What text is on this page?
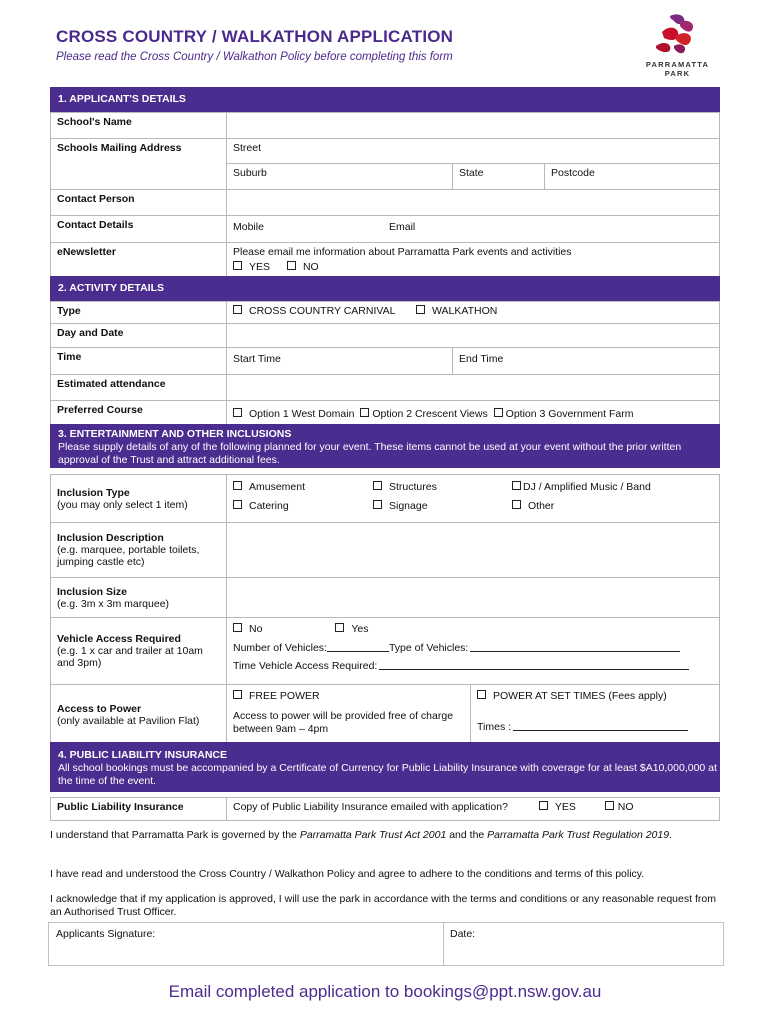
CROSS COUNTRY / WALKATHON APPLICATION
Please read the Cross Country / Walkathon Policy before completing this form
PARRAMATTA
PARK
1. APPLICANT'S DETAILS
School's Name	
Schools Mailing Address	Street
Suburb	State	Postcode
Contact Person	
Contact Details		Mobile	Email

eNewsletter	Please email me information about Parramatta Park events and activities
YES	NO
2. ACTIVITY DETAILS
Type	CROSS COUNTRY CARNIVAL	WALKATHON
Day and Date	
Time		Start Time	End Time

Estimated attendance	
Preferred Course	Option 1 West Domain Option 2 Crescent Views Option 3 Government Farm
3. ENTERTAINMENT AND OTHER INCLUSIONS
Please supply details of any of the following planned for your event. These items cannot be used at your event without the prior written approval of the Trust and attract additional fees.
Inclusion Type
(you may only select 1 item)

Amusement	Structures	DJ / Amplified Music / Band
Catering	Signage	Other

Inclusion Description
(e.g. marquee, portable toilets, jumping castle etc)

Inclusion Size
(e.g. 3m x 3m marquee)

Vehicle Access Required
(e.g. 1 x car and trailer at 10am and 3pm)

No	Yes
Number of Vehicles:	Type of Vehicles:
Time Vehicle Access Required:

Access to Power
(only available at Pavilion Flat)

FREE POWER
Access to power will be provided free of charge between 9am – 4pm

POWER AT SET TIMES (Fees apply)
Times :
4. PUBLIC LIABILITY INSURANCE
All school bookings must be accompanied by a Certificate of Currency for Public Liability Insurance with coverage for at least $A10,000,000 at the time of the event.
Public Liability Insurance	Copy of Public Liability Insurance emailed with application?	YES	NO
I understand that Parramatta Park is governed by the Parramatta Park Trust Act 2001 and the Parramatta Park Trust Regulation 2019.
I have read and understood the Cross Country / Walkathon Policy and agree to adhere to the conditions and terms of this policy.
I acknowledge that if my application is approved, I will use the park in accordance with the terms and conditions or any reasonable request from an Authorised Trust Officer.
Applicants Signature:	Date:
Email completed application to bookings@ppt.nsw.gov.au
